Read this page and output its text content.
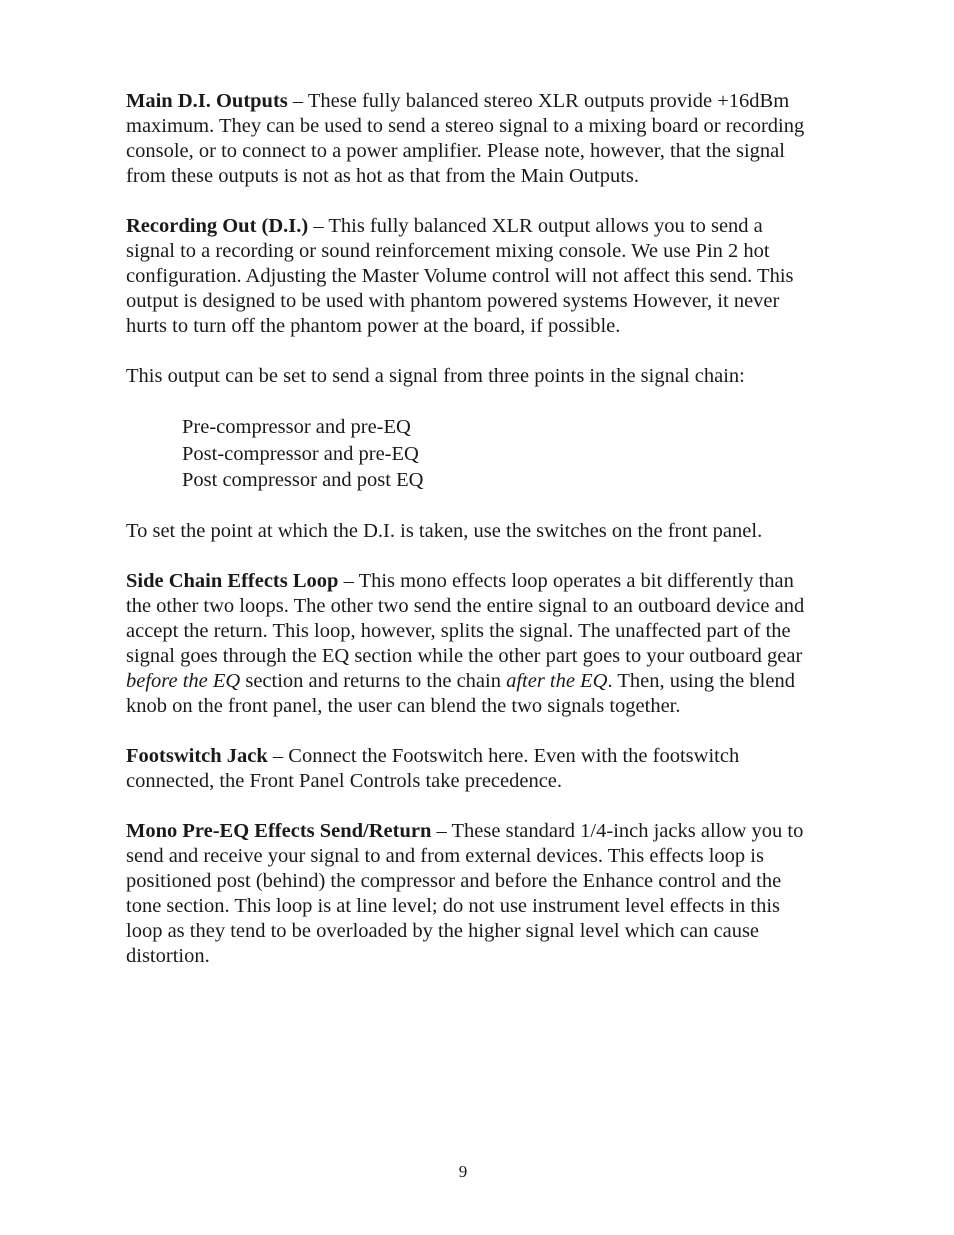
Main D.I. Outputs – These fully balanced stereo XLR outputs provide +16dBm maximum. They can be used to send a stereo signal to a mixing board or recording console, or to connect to a power amplifier. Please note, however, that the signal from these outputs is not as hot as that from the Main Outputs.

Recording Out (D.I.) – This fully balanced XLR output allows you to send a signal to a recording or sound reinforcement mixing console. We use Pin 2 hot configuration. Adjusting the Master Volume control will not affect this send. This output is designed to be used with phantom powered systems However, it never hurts to turn off the phantom power at the board, if possible.

This output can be set to send a signal from three points in the signal chain:

Pre-compressor and pre-EQ
Post-compressor and pre-EQ
Post compressor and post EQ

To set the point at which the D.I. is taken, use the switches on the front panel.

Side Chain Effects Loop – This mono effects loop operates a bit differently than the other two loops. The other two send the entire signal to an outboard device and accept the return. This loop, however, splits the signal. The unaffected part of the signal goes through the EQ section while the other part goes to your outboard gear before the EQ section and returns to the chain after the EQ. Then, using the blend knob on the front panel, the user can blend the two signals together.

Footswitch Jack – Connect the Footswitch here. Even with the footswitch connected, the Front Panel Controls take precedence.

Mono Pre-EQ Effects Send/Return – These standard 1/4-inch jacks allow you to send and receive your signal to and from external devices. This effects loop is positioned post (behind) the compressor and before the Enhance control and the tone section. This loop is at line level; do not use instrument level effects in this loop as they tend to be overloaded by the higher signal level which can cause distortion.

9
